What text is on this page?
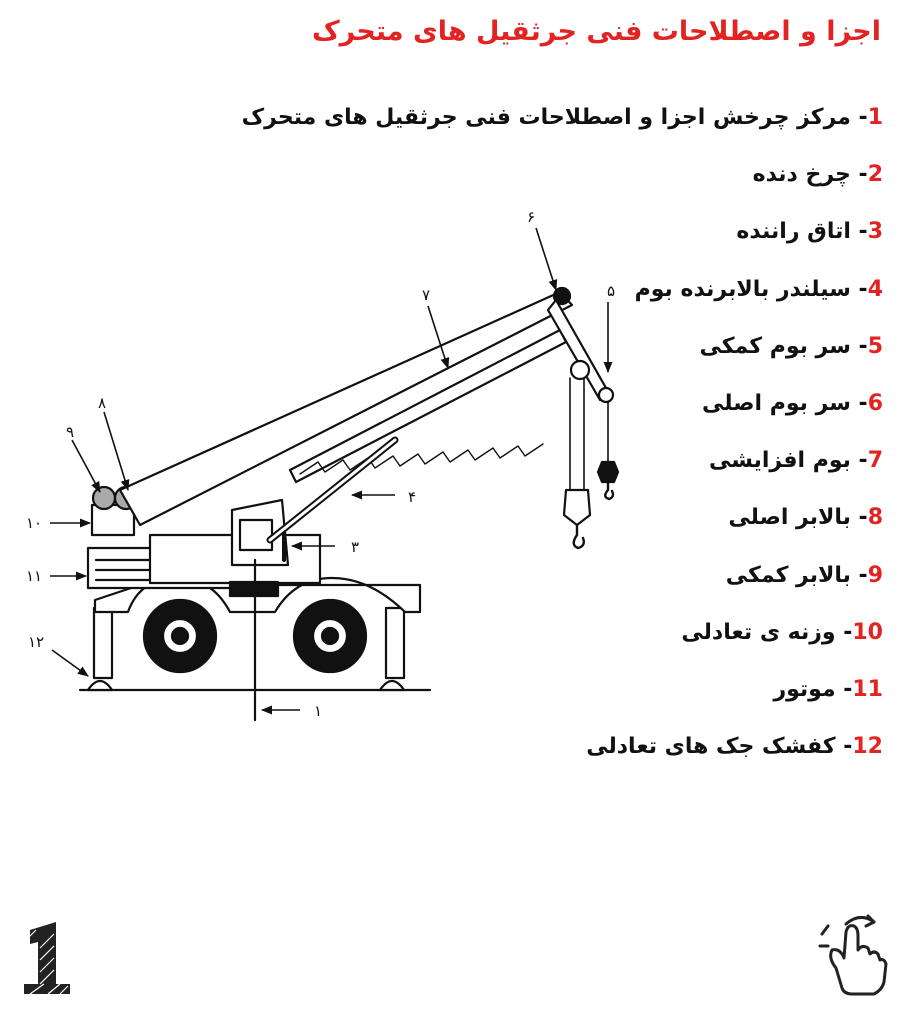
اجزا و اصطلاحات فنی جرثقیل های متحرک
1- مرکز چرخش اجزا و اصطلاحات فنی جرثقیل های متحرک
2- چرخ دنده
3- اتاق راننده
4- سیلندر بالابرنده بوم
5- سر بوم کمکی
6- سر بوم اصلی
7- بوم افزایشی
8- بالابر اصلی
9- بالابر کمکی
10- وزنه ی تعادلی
11- موتور
12- کفشک جک های تعادلی
۱
۳
۴
۵
۶
۷
۸
۹
۱۰
۱۱
۱۲
